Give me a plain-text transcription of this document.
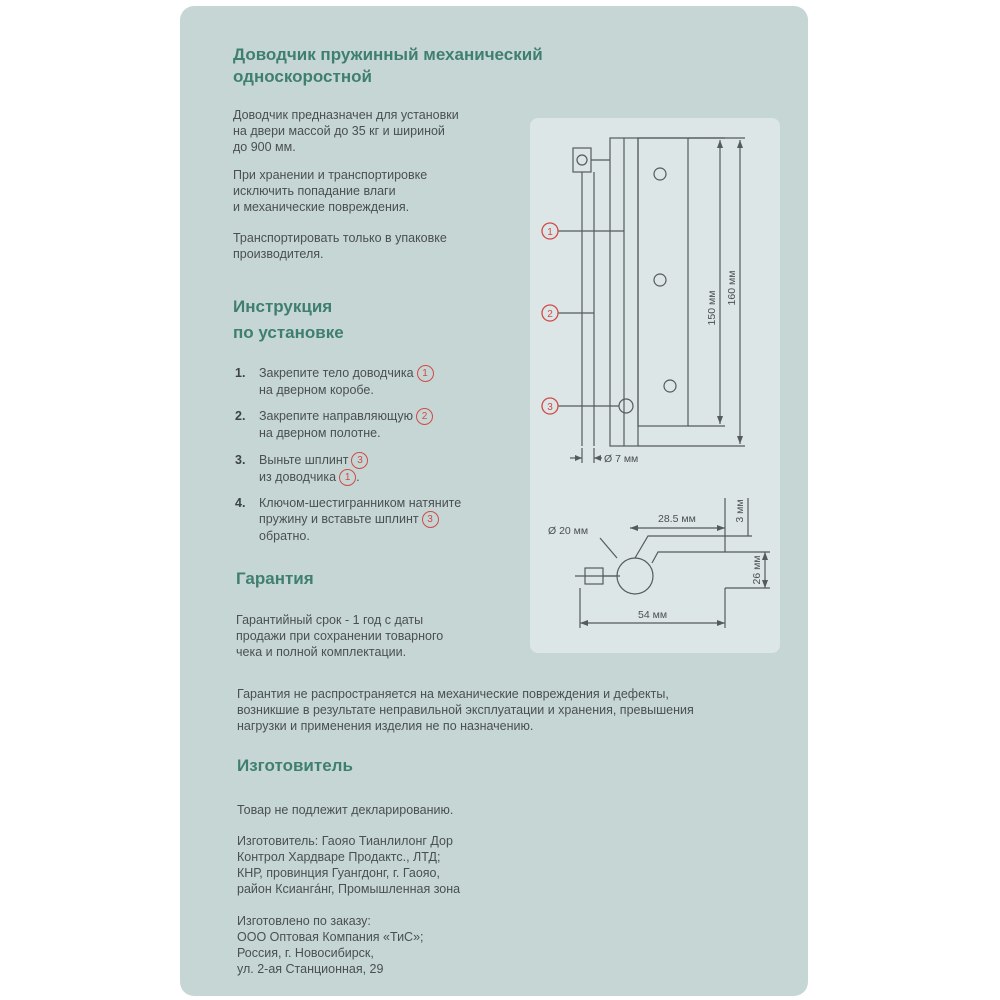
Доводчик пружинный механический
односкоростной
Доводчик предназначен для установки
на двери массой до 35 кг и шириной
до 900 мм.
При хранении и транспортировке
исключить попадание влаги
и механические повреждения.
Транспортировать только в упаковке
производителя.
Инструкция
по установке
1. Закрепите тело доводчика 1
на дверном коробе.
2. Закрепите направляющую 2
на дверном полотне.
3. Выньте шплинт 3
из доводчика 1 .
4. Ключом-шестигранником натяните
пружину и вставьте шплинт 3
обратно.
Гарантия
Гарантийный срок - 1 год с даты
продажи при сохранении товарного
чека и полной комплектации.
Гарантия не распространяется на механические повреждения и дефекты,
возникшие в результате неправильной эксплуатации и хранения, превышения
нагрузки и применения изделия не по назначению.
Изготовитель
Товар не подлежит декларированию.
Изготовитель: Гаояо Тианлилонг Дор
Контрол Хардваре Продактс., ЛТД;
КНР, провинция Гуангдонг, г. Гаояо,
район Ксиангáнг, Промышленная зона
Изготовлено по заказу:
ООО Оптовая Компания «ТиС»;
Россия, г. Новосибирск,
ул. 2-ая Станционная, 29
1
2
3
150 мм
160 мм
Ø 7 мм
Ø 20 мм
28.5 мм	3 мм
26 мм
54 мм
